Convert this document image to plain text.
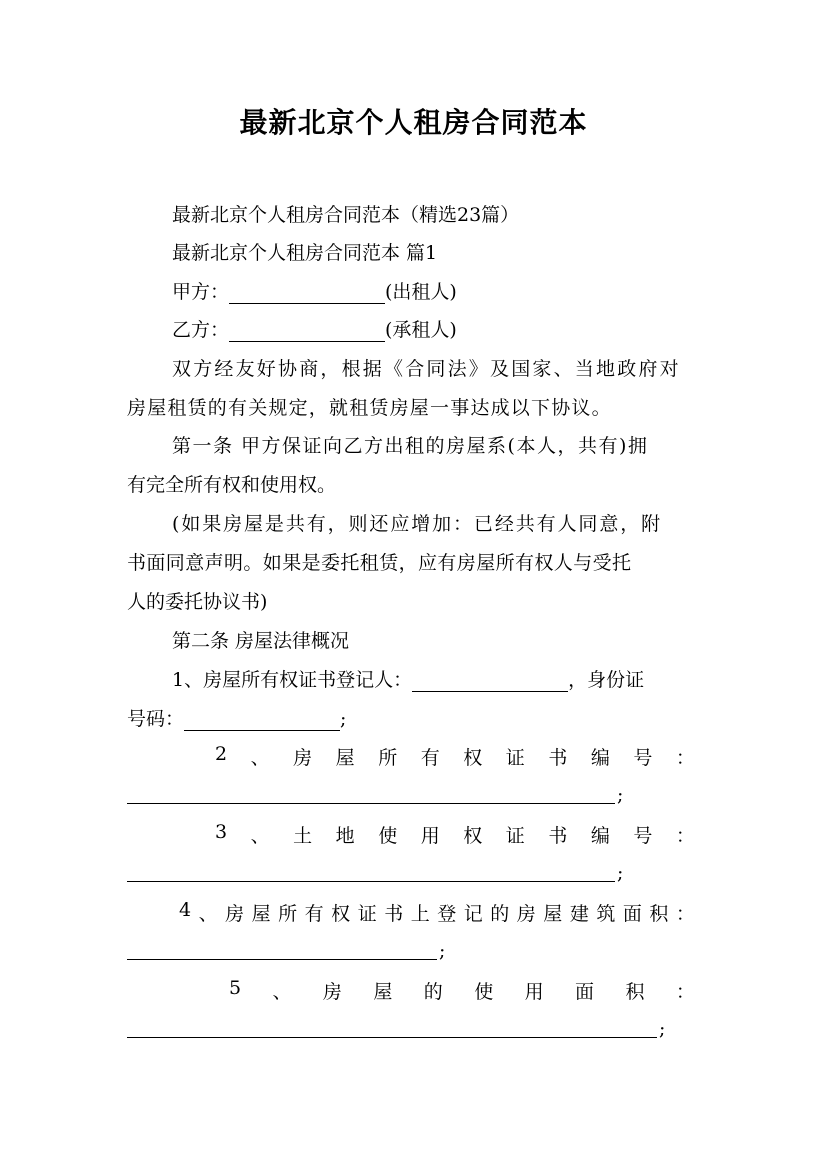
最新北京个人租房合同范本
最新北京个人租房合同范本（精选23篇）
最新北京个人租房合同范本 篇1
甲方：	(出租人)
乙方：	(承租人)
双方经友好协商，根据《合同法》及国家、当地政府对
房屋租赁的有关规定，就租赁房屋一事达成以下协议。
第一条 甲方保证向乙方出租的房屋系(本人，共有)拥
有完全所有权和使用权。
(如果房屋是共有，则还应增加：已经共有人同意，附
书面同意声明。如果是委托租赁，应有房屋所有权人与受托
人的委托协议书)
第二条 房屋法律概况
1、房屋所有权证书登记人：	，身份证
号码：	;
2 、 房 屋 所 有 权 证 书 编 号 ：
;
3 、 土 地 使 用 权 证 书 编 号 ：
;
4 、 房 屋 所 有 权 证 书 上 登 记 的 房 屋 建 筑 面 积 ：
;
5 、 房 屋 的 使 用 面 积 ：
;
